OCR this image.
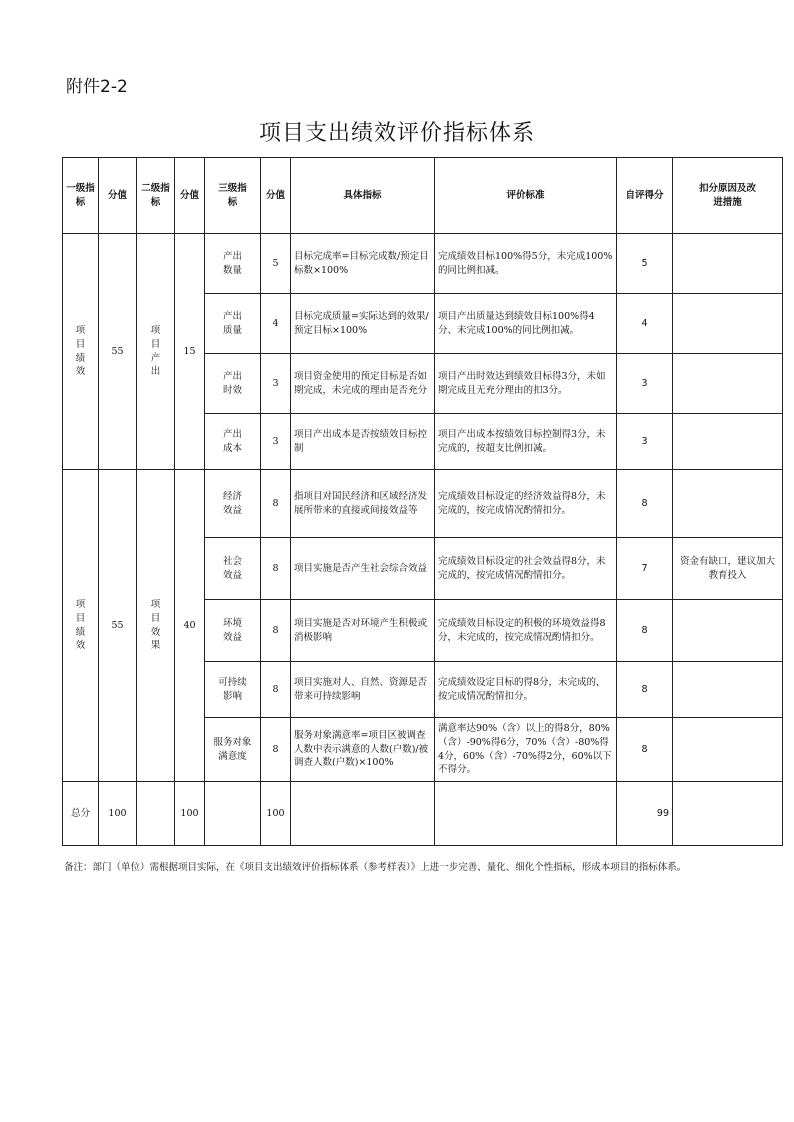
附件2-2
项目支出绩效评价指标体系
一级指标	分值	二级指标	分值	三级指标	分值	具体指标	评价标准	自评得分	扣分原因及改进措施
项目绩效	55	项目产出	15	产出数量	5	目标完成率=目标完成数/预定目标数×100%	完成绩效目标100%得5分，未完成100%的同比例扣减。	5	
				产出质量	4	目标完成质量=实际达到的效果/预定目标×100%	项目产出质量达到绩效目标100%得4分、未完成100%的同比例扣减。	4	
				产出时效	3	项目资金使用的预定目标是否如期完成，未完成的理由是否充分	项目产出时效达到绩效目标得3分，未如期完成且无充分理由的扣3分。	3	
				产出成本	3	项目产出成本是否按绩效目标控制	项目产出成本按绩效目标控制得3分，未完成的，按超支比例扣减。	3	
项目绩效	55	项目效果	40	经济效益	8	指项目对国民经济和区域经济发展所带来的直接或间接效益等	完成绩效目标设定的经济效益得8分，未完成的，按完成情况酌情扣分。	8	
				社会效益	8	项目实施是否产生社会综合效益	完成绩效目标设定的社会效益得8分，未完成的，按完成情况酌情扣分。	7	资金有缺口，建议加大教育投入
				环境效益	8	项目实施是否对环境产生积极或消极影响	完成绩效目标设定的积极的环境效益得8分，未完成的，按完成情况酌情扣分。	8	
				可持续影响	8	项目实施对人、自然、资源是否带来可持续影响	完成绩效设定目标的得8分，未完成的，按完成情况酌情扣分。	8	
				服务对象满意度	8	服务对象满意率=项目区被调查人数中表示满意的人数(户数)/被调查人数(户数)×100%	满意率达90%（含）以上的得8分，80%（含）-90%得6分，70%（含）-80%得4分，60%（含）-70%得2分，60%以下不得分。	8	
总分	100		100		100			99	
备注：部门（单位）需根据项目实际，在《项目支出绩效评价指标体系（参考样表）》上进一步完善、量化、细化个性指标，形成本项目的指标体系。
